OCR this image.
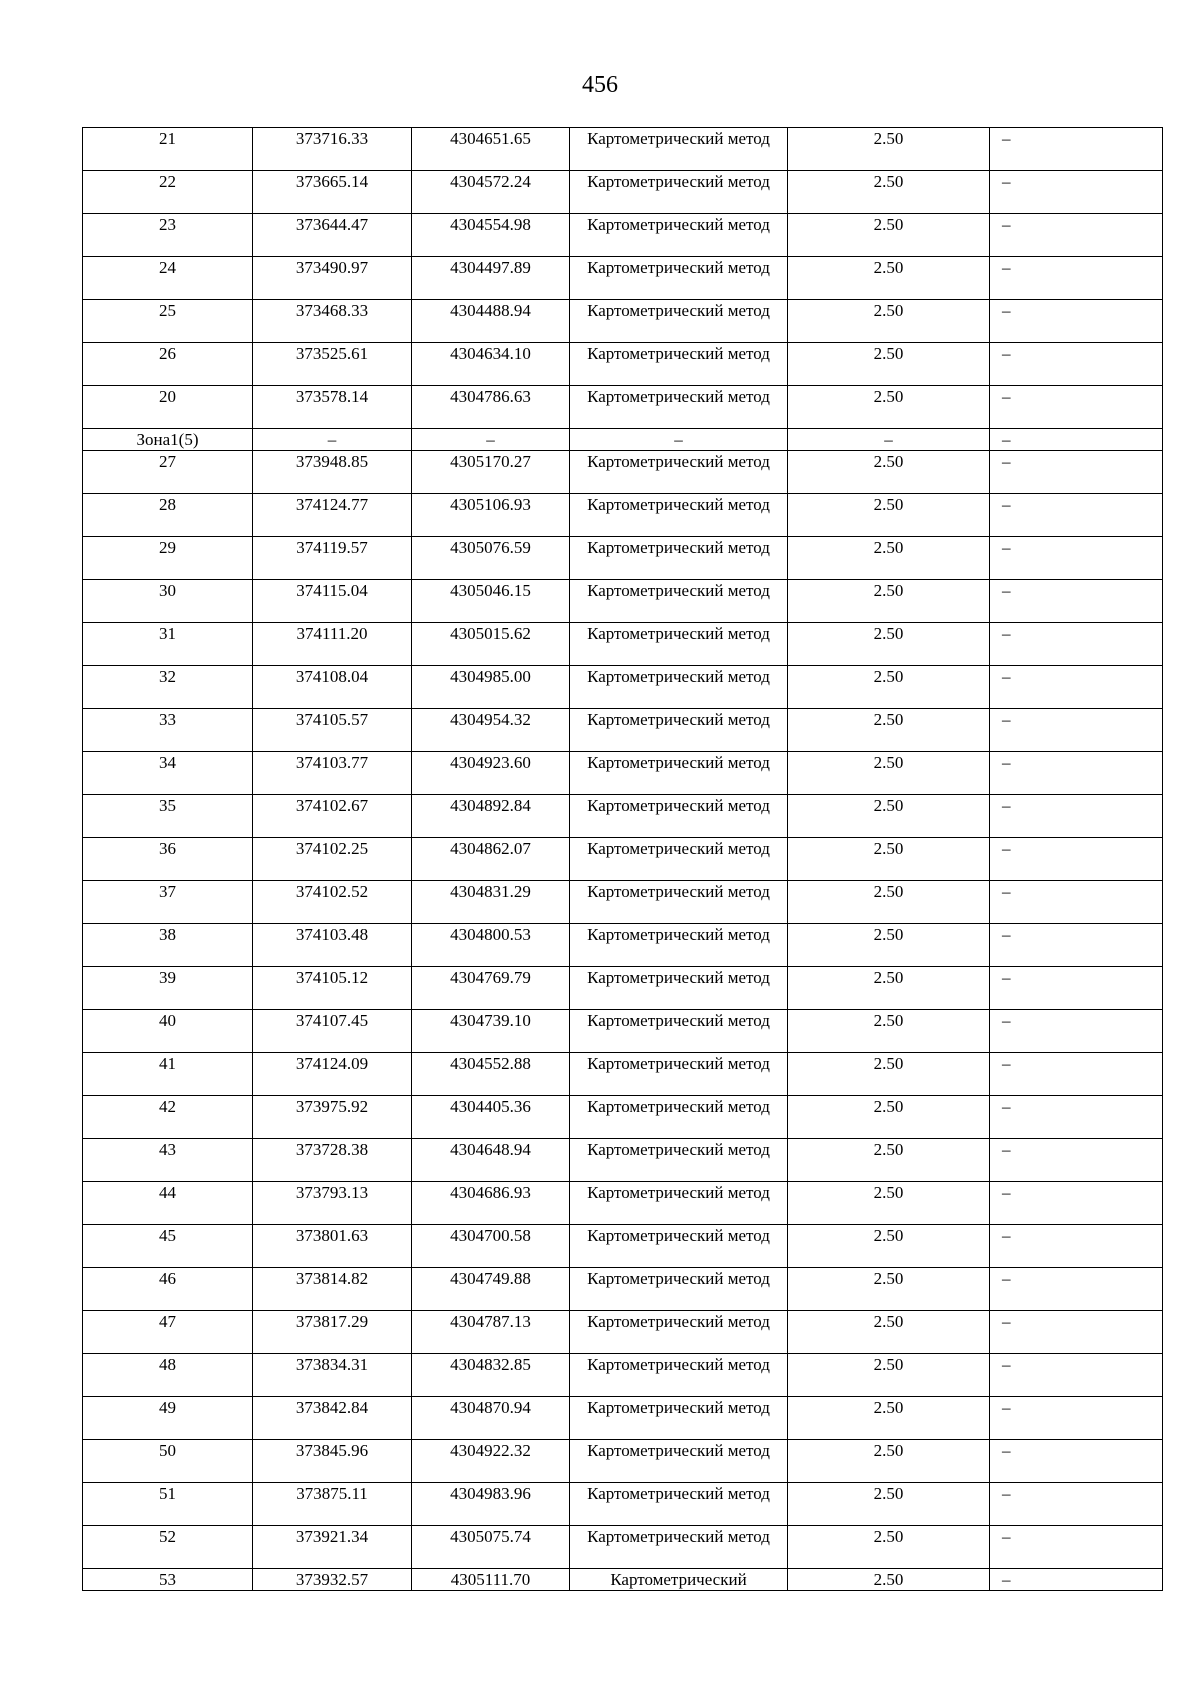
456
21	373716.33	4304651.65	Картометрический метод	2.50	–
22	373665.14	4304572.24	Картометрический метод	2.50	–
23	373644.47	4304554.98	Картометрический метод	2.50	–
24	373490.97	4304497.89	Картометрический метод	2.50	–
25	373468.33	4304488.94	Картометрический метод	2.50	–
26	373525.61	4304634.10	Картометрический метод	2.50	–
20	373578.14	4304786.63	Картометрический метод	2.50	–
Зона1(5)	–	–	–	–	–
27	373948.85	4305170.27	Картометрический метод	2.50	–
28	374124.77	4305106.93	Картометрический метод	2.50	–
29	374119.57	4305076.59	Картометрический метод	2.50	–
30	374115.04	4305046.15	Картометрический метод	2.50	–
31	374111.20	4305015.62	Картометрический метод	2.50	–
32	374108.04	4304985.00	Картометрический метод	2.50	–
33	374105.57	4304954.32	Картометрический метод	2.50	–
34	374103.77	4304923.60	Картометрический метод	2.50	–
35	374102.67	4304892.84	Картометрический метод	2.50	–
36	374102.25	4304862.07	Картометрический метод	2.50	–
37	374102.52	4304831.29	Картометрический метод	2.50	–
38	374103.48	4304800.53	Картометрический метод	2.50	–
39	374105.12	4304769.79	Картометрический метод	2.50	–
40	374107.45	4304739.10	Картометрический метод	2.50	–
41	374124.09	4304552.88	Картометрический метод	2.50	–
42	373975.92	4304405.36	Картометрический метод	2.50	–
43	373728.38	4304648.94	Картометрический метод	2.50	–
44	373793.13	4304686.93	Картометрический метод	2.50	–
45	373801.63	4304700.58	Картометрический метод	2.50	–
46	373814.82	4304749.88	Картометрический метод	2.50	–
47	373817.29	4304787.13	Картометрический метод	2.50	–
48	373834.31	4304832.85	Картометрический метод	2.50	–
49	373842.84	4304870.94	Картометрический метод	2.50	–
50	373845.96	4304922.32	Картометрический метод	2.50	–
51	373875.11	4304983.96	Картометрический метод	2.50	–
52	373921.34	4305075.74	Картометрический метод	2.50	–
53	373932.57	4305111.70	Картометрический	2.50	–
